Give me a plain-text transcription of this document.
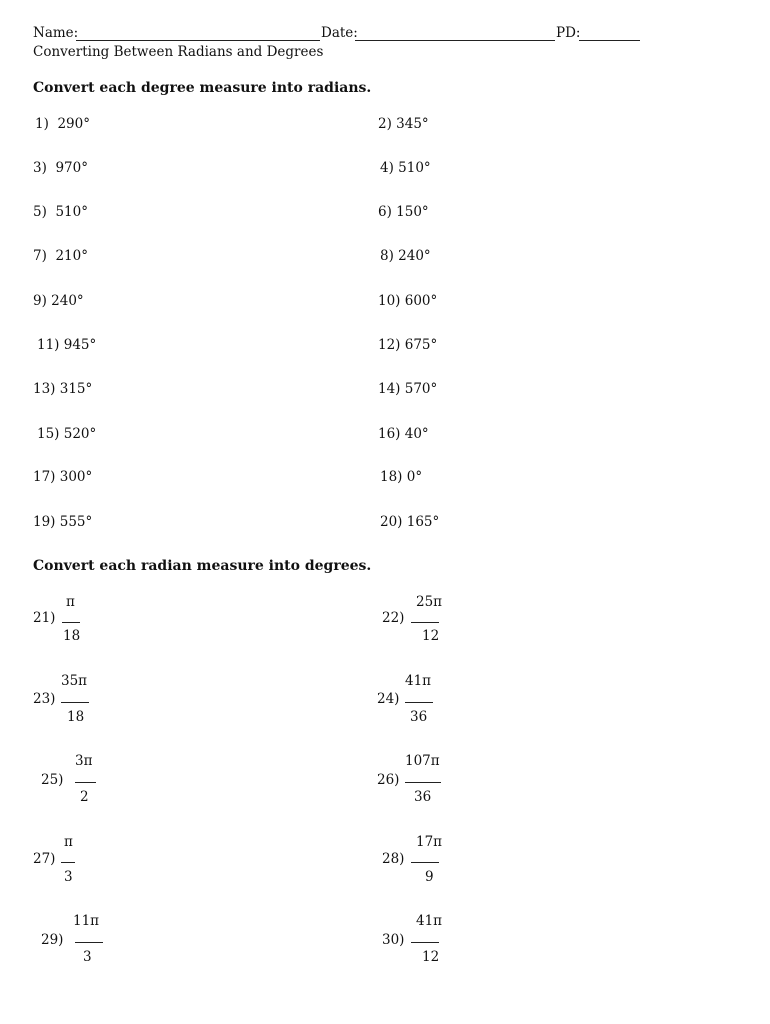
Name:	Date:	PD:
Converting Between Radians and Degrees
Convert each degree measure into radians.
1) 290°	2) 345°
3) 970°	4) 510°
5) 510°	6) 150°
7) 210°	8) 240°
9) 240°	10) 600°
11) 945°	12) 675°
13) 315°	14) 570°
15) 520°	16) 40°
17) 300°	18) 0°
19) 555°	20) 165°
Convert each radian measure into degrees.
21)
π
18
22)
25π
12
23)
35π
18
24)
41π
36
25)
3π
2
26)
107π
36
27)
π
3
28)
17π
9
29)
11π
3
30)
41π
12
